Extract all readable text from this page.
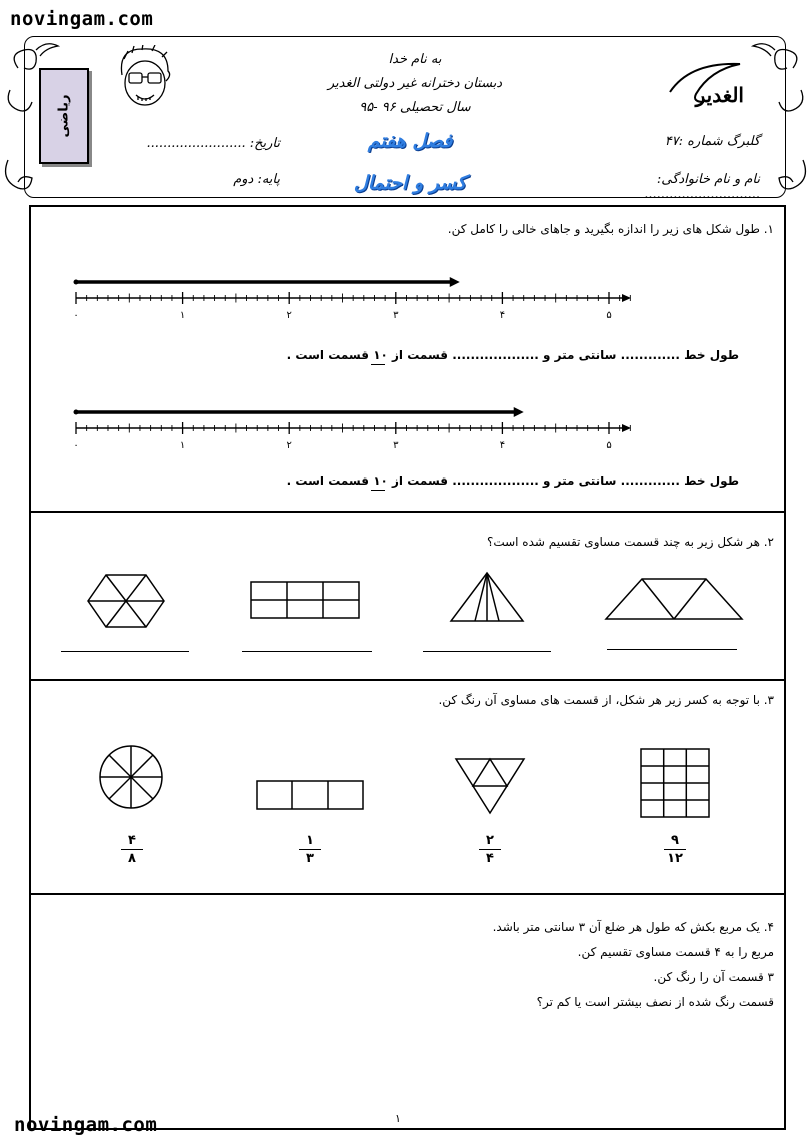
novingam.com
novingam.com
ریاضی	الغدیر
به نام خدا
دبستان دخترانه غیر دولتی الغدیر
سال تحصیلی ۹۶ -۹۵
فصل هفتم
کسر و احتمال
تاریخ: ........................
پایه: دوم
گلبرگ شماره :۴۷
نام و نام خانوادگی: ............................
۱. طول شکل های زیر را اندازه بگیرید و جاهای خالی را کامل کن.
۰	۱	۲	۳	۴	۵
طول خط ............. سانتی متر و ................... قسمت از ۱۰ قسمت است .
۰	۱	۲	۳	۴	۵
طول خط ............. سانتی متر و ................... قسمت از ۱۰ قسمت است .
۲. هر شکل زیر به چند قسمت مساوی تقسیم شده است؟
۳. با توجه به کسر زیر هر شکل، از قسمت های مساوی آن رنگ کن.
۴
۸
۱
۳
۲
۴
۹
۱۲
۴. یک مربع بکش که طول هر ضلع آن ۳ سانتی متر باشد.
مربع را به ۴ قسمت مساوی تقسیم کن.
۳ قسمت آن را رنگ کن.
قسمت رنگ شده از نصف بیشتر است یا کم تر؟
۱
